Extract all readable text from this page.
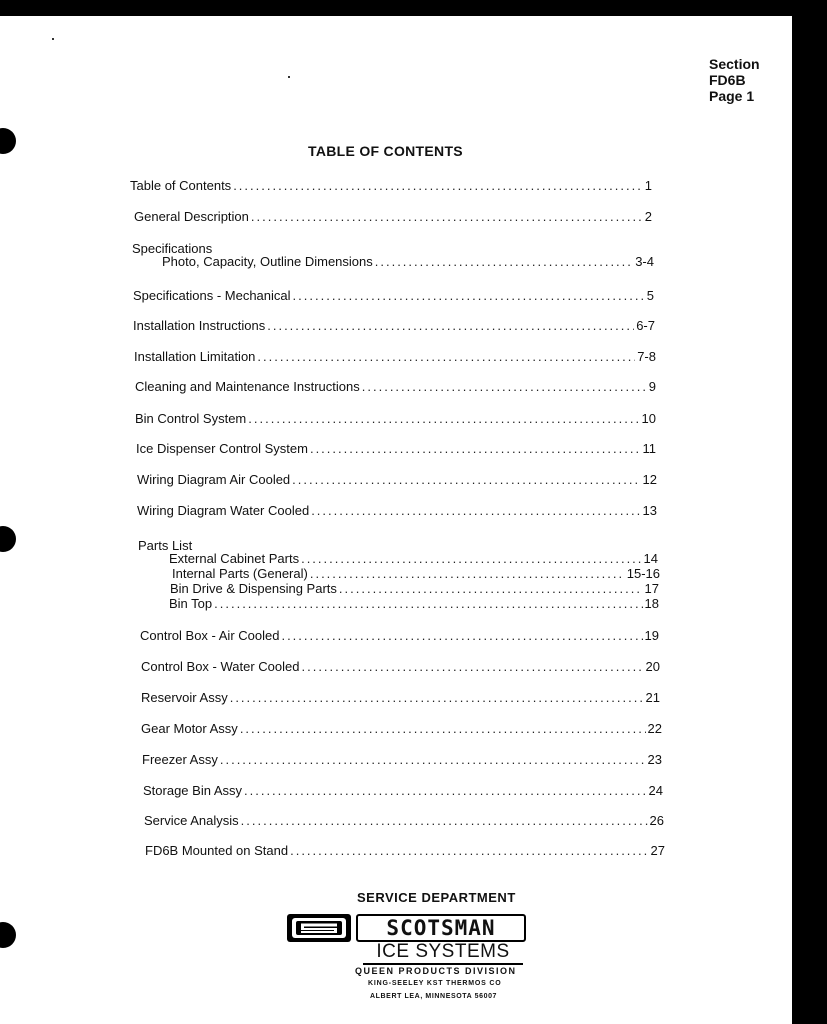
Section
FD6B
Page 1
TABLE OF CONTENTS
Table of Contents .....	1
General Description .....	2
Specifications
Photo, Capacity, Outline Dimensions .....	3-4
Specifications - Mechanical .....	5
Installation Instructions .....	6-7
Installation Limitation .....	7-8
Cleaning and Maintenance Instructions .....	9
Bin Control System .....	10
Ice Dispenser Control System .....	11
Wiring Diagram Air Cooled .....	12
Wiring Diagram Water Cooled .....	13
Parts List
External Cabinet Parts .....	14
Internal Parts (General) .....	15-16
Bin Drive & Dispensing Parts .....	17
Bin Top .....	18
Control Box - Air Cooled .....	19
Control Box - Water Cooled .....	20
Reservoir Assy .....	21
Gear Motor Assy .....	22
Freezer Assy .....	23
Storage Bin Assy .....	24
Service Analysis .....	26
FD6B Mounted on Stand .....	27
SERVICE DEPARTMENT
SCOTSMAN
ICE SYSTEMS
QUEEN PRODUCTS DIVISION
KING-SEELEY KST THERMOS CO
ALBERT LEA, MINNESOTA 56007
